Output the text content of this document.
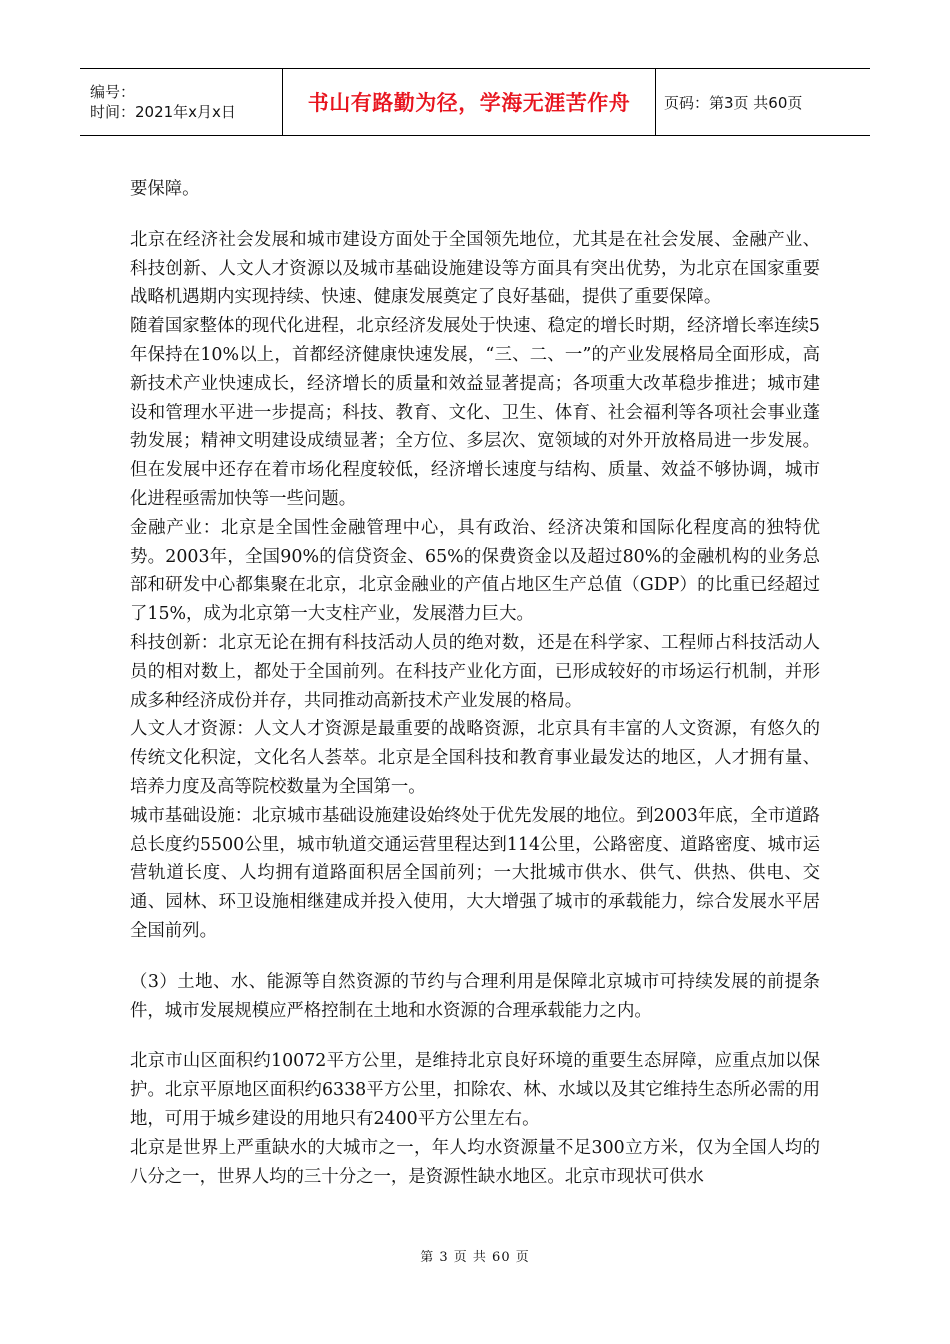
编号：
时间：2021年x月x日	书山有路勤为径，学海无涯苦作舟 页码：第3页 共60页

要保障。

北京在经济社会发展和城市建设方面处于全国领先地位，尤其是在社会发展、金融产业、科技创新、人文人才资源以及城市基础设施建设等方面具有突出优势，为北京在国家重要战略机遇期内实现持续、快速、健康发展奠定了良好基础，提供了重要保障。

随着国家整体的现代化进程，北京经济发展处于快速、稳定的增长时期，经济增长率连续5年保持在10%以上，首都经济健康快速发展，“三、二、一”的产业发展格局全面形成，高新技术产业快速成长，经济增长的质量和效益显著提高；各项重大改革稳步推进；城市建设和管理水平进一步提高；科技、教育、文化、卫生、体育、社会福利等各项社会事业蓬勃发展；精神文明建设成绩显著；全方位、多层次、宽领域的对外开放格局进一步发展。但在发展中还存在着市场化程度较低，经济增长速度与结构、质量、效益不够协调，城市化进程亟需加快等一些问题。

金融产业：北京是全国性金融管理中心，具有政治、经济决策和国际化程度高的独特优势。2003年，全国90%的信贷资金、65%的保费资金以及超过80%的金融机构的业务总部和研发中心都集聚在北京，北京金融业的产值占地区生产总值（GDP）的比重已经超过了15%，成为北京第一大支柱产业，发展潜力巨大。

科技创新：北京无论在拥有科技活动人员的绝对数，还是在科学家、工程师占科技活动人员的相对数上，都处于全国前列。在科技产业化方面，已形成较好的市场运行机制，并形成多种经济成份并存，共同推动高新技术产业发展的格局。

人文人才资源：人文人才资源是最重要的战略资源，北京具有丰富的人文资源，有悠久的传统文化积淀，文化名人荟萃。北京是全国科技和教育事业最发达的地区，人才拥有量、培养力度及高等院校数量为全国第一。

城市基础设施：北京城市基础设施建设始终处于优先发展的地位。到2003年底，全市道路总长度约5500公里，城市轨道交通运营里程达到114公里，公路密度、道路密度、城市运营轨道长度、人均拥有道路面积居全国前列；一大批城市供水、供气、供热、供电、交通、园林、环卫设施相继建成并投入使用，大大增强了城市的承载能力，综合发展水平居全国前列。

（3）土地、水、能源等自然资源的节约与合理利用是保障北京城市可持续发展的前提条件，城市发展规模应严格控制在土地和水资源的合理承载能力之内。

北京市山区面积约10072平方公里，是维持北京良好环境的重要生态屏障，应重点加以保护。北京平原地区面积约6338平方公里，扣除农、林、水域以及其它维持生态所必需的用地，可用于城乡建设的用地只有2400平方公里左右。

北京是世界上严重缺水的大城市之一，年人均水资源量不足300立方米，仅为全国人均的八分之一，世界人均的三十分之一，是资源性缺水地区。北京市现状可供水

第 3 页 共 60 页
